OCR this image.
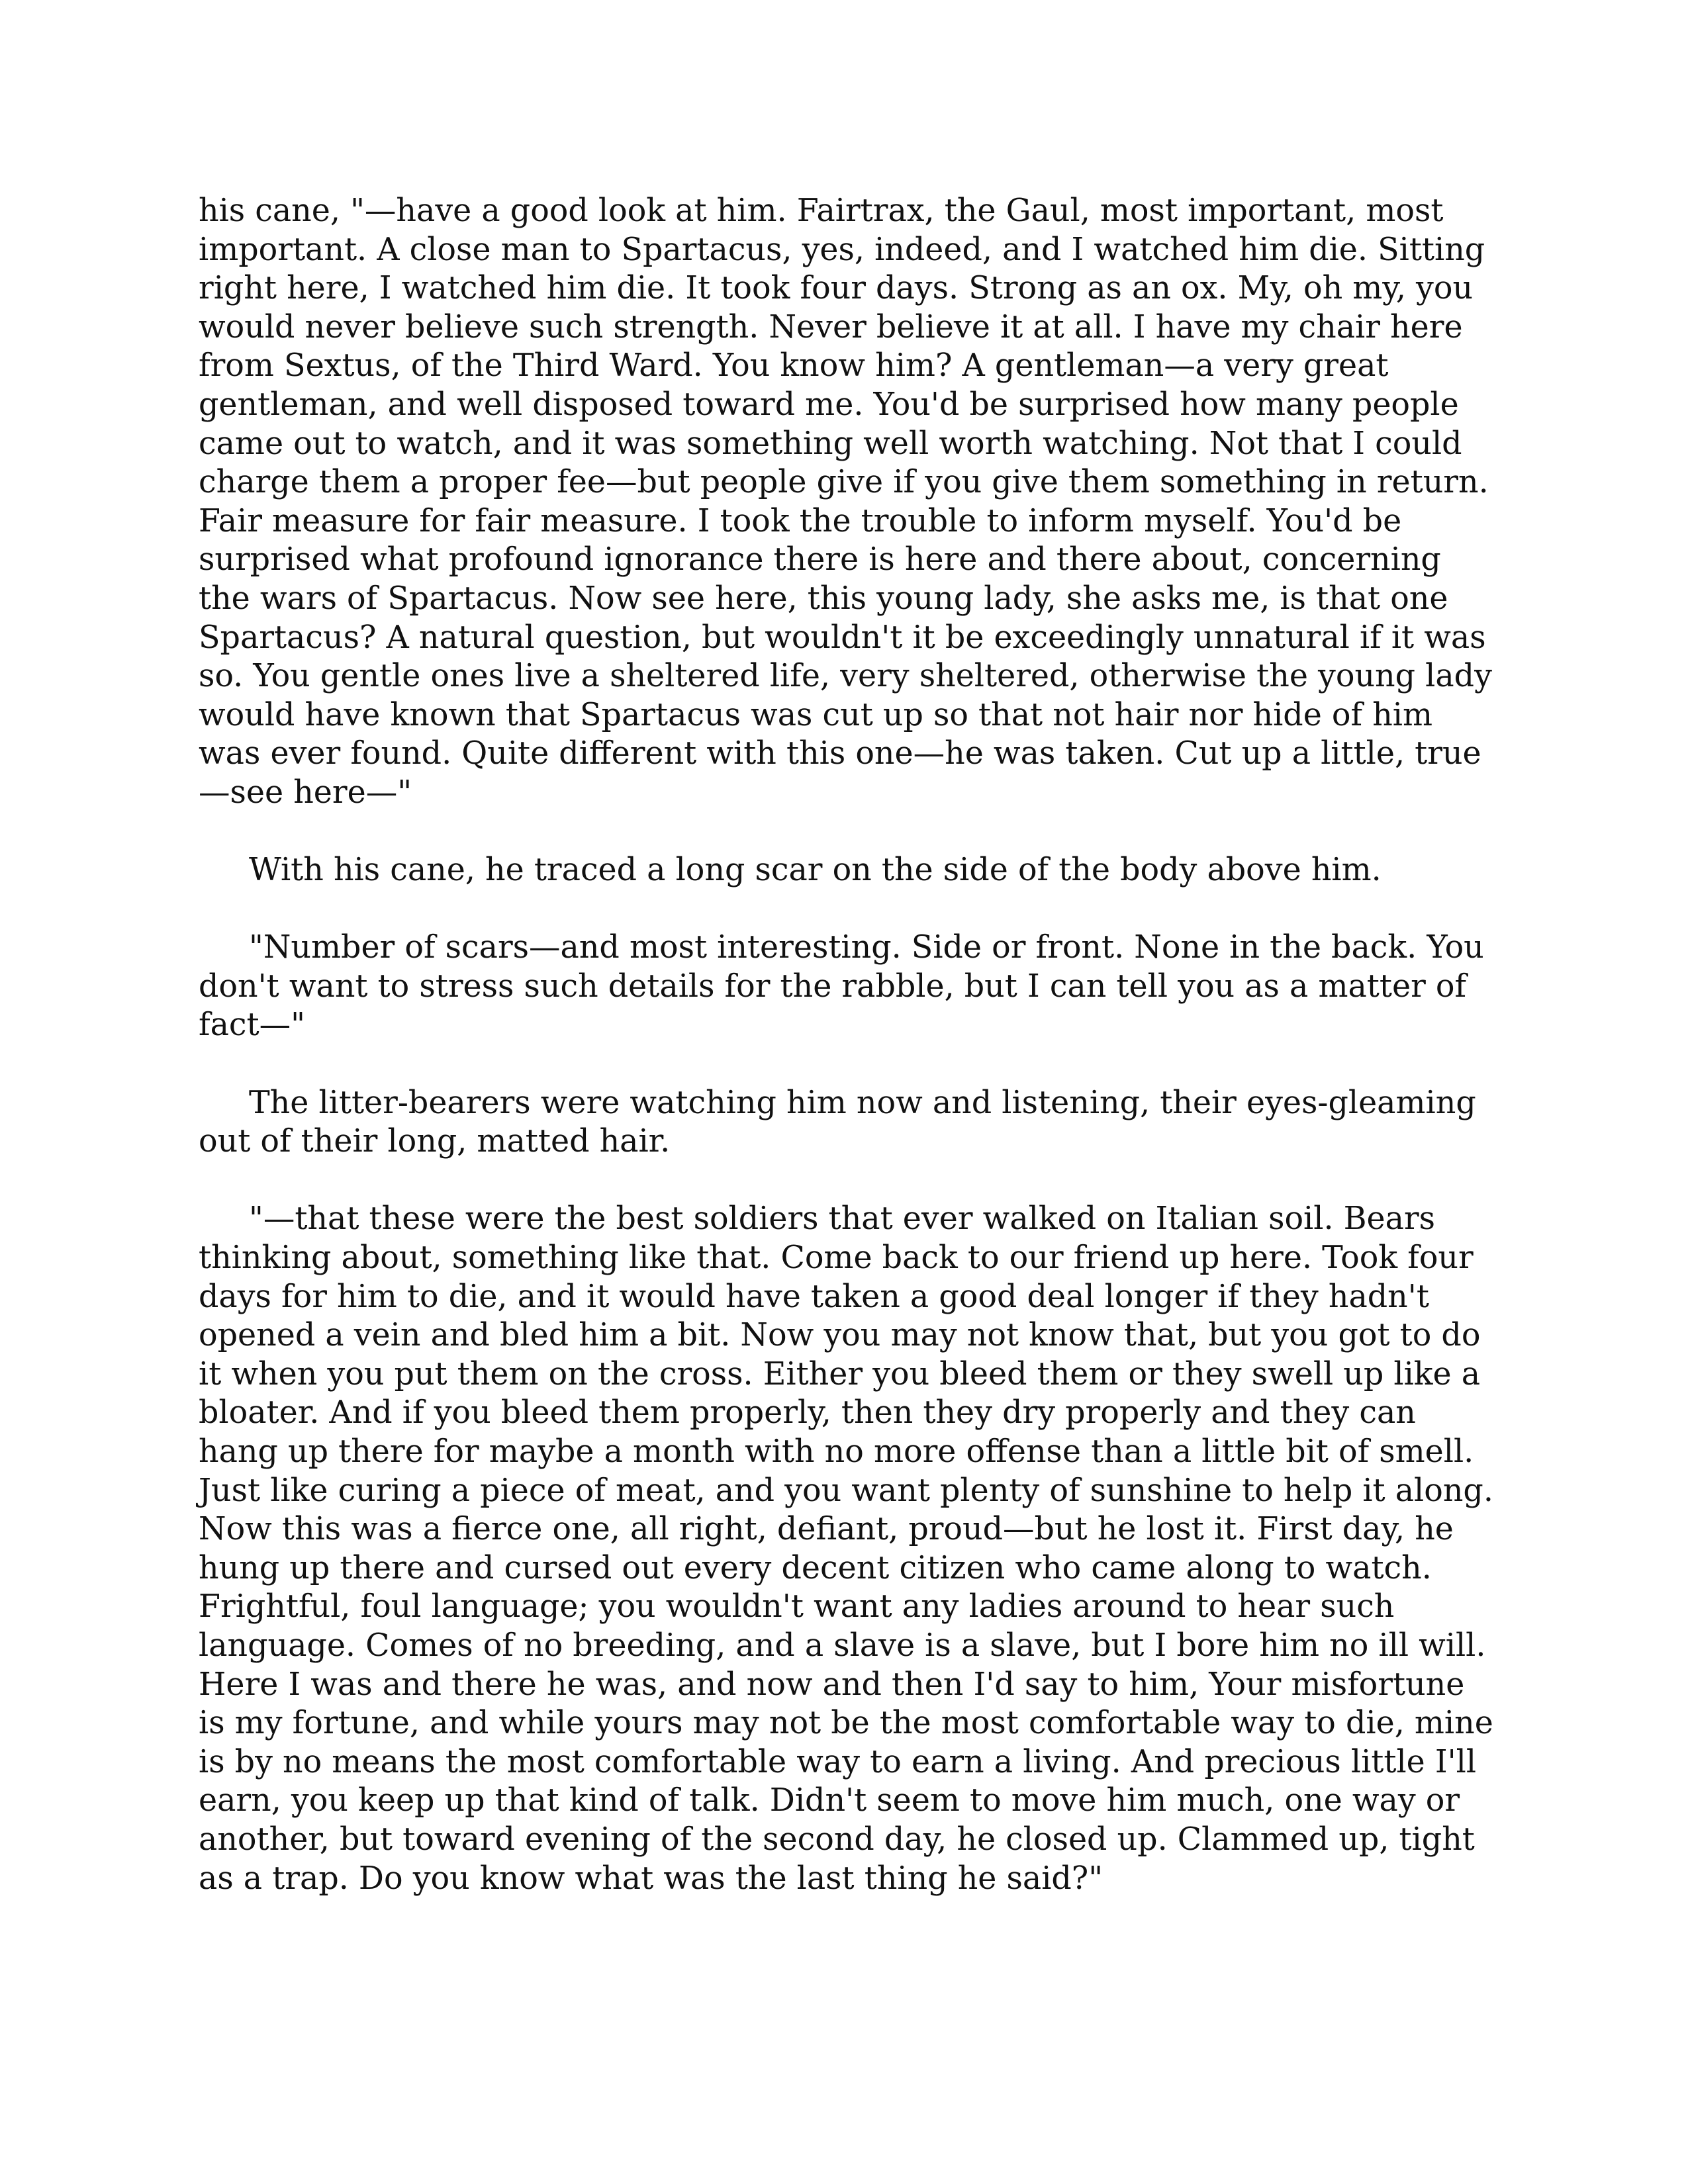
his cane, "—have a good look at him. Fairtrax, the Gaul, most important, most important. A close man to Spartacus, yes, indeed, and I watched him die. Sitting right here, I watched him die. It took four days. Strong as an ox. My, oh my, you would never believe such strength. Never believe it at all. I have my chair here from Sextus, of the Third Ward. You know him? A gentleman—a very great gentleman, and well disposed toward me. You'd be surprised how many people came out to watch, and it was something well worth watching. Not that I could charge them a proper fee—but people give if you give them something in return. Fair measure for fair measure. I took the trouble to inform myself. You'd be surprised what profound ignorance there is here and there about, concerning the wars of Spartacus. Now see here, this young lady, she asks me, is that one Spartacus? A natural question, but wouldn't it be exceedingly unnatural if it was so. You gentle ones live a sheltered life, very sheltered, otherwise the young lady would have known that Spartacus was cut up so that not hair nor hide of him was ever found. Quite different with this one—he was taken. Cut up a little, true—see here—"

With his cane, he traced a long scar on the side of the body above him.

"Number of scars—and most interesting. Side or front. None in the back. You don't want to stress such details for the rabble, but I can tell you as a matter of fact—"

The litter-bearers were watching him now and listening, their eyes-gleaming out of their long, matted hair.

"—that these were the best soldiers that ever walked on Italian soil. Bears thinking about, something like that. Come back to our friend up here. Took four days for him to die, and it would have taken a good deal longer if they hadn't opened a vein and bled him a bit. Now you may not know that, but you got to do it when you put them on the cross. Either you bleed them or they swell up like a bloater. And if you bleed them properly, then they dry properly and they can hang up there for maybe a month with no more offense than a little bit of smell. Just like curing a piece of meat, and you want plenty of sunshine to help it along. Now this was a fierce one, all right, defiant, proud—but he lost it. First day, he hung up there and cursed out every decent citizen who came along to watch. Frightful, foul language; you wouldn't want any ladies around to hear such language. Comes of no breeding, and a slave is a slave, but I bore him no ill will. Here I was and there he was, and now and then I'd say to him, Your misfortune is my fortune, and while yours may not be the most comfortable way to die, mine is by no means the most comfortable way to earn a living. And precious little I'll earn, you keep up that kind of talk. Didn't seem to move him much, one way or another, but toward evening of the second day, he closed up. Clammed up, tight as a trap. Do you know what was the last thing he said?"
